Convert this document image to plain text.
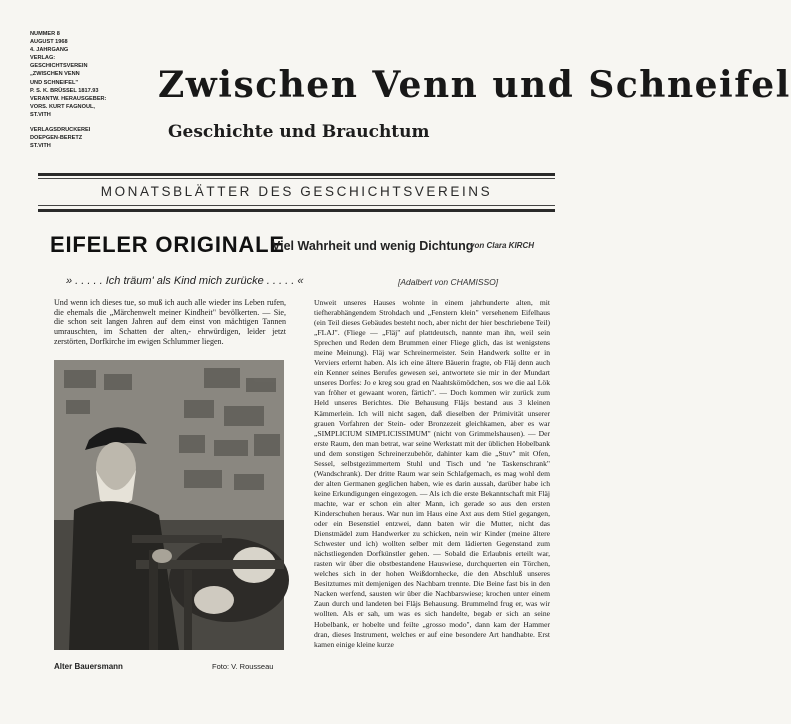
NUMMER 8
AUGUST 1968
4. JAHRGANG
VERLAG:
GESCHICHTSVEREIN
„ZWISCHEN VENN
UND SCHNEIFEL"
P. S. K. BRÜSSEL 1817.93
VERANTW. HERAUSGEBER:
VORS. KURT FAGNOUL,
ST.VITH
VERLAGSDRUCKEREI
DOEPGEN-BERETZ
ST.VITH
Zwischen Venn und Schneifel
Geschichte und Brauchtum
MONATSBLÄTTER DES GESCHICHTSVEREINS
EIFELER ORIGINALE
Viel Wahrheit und wenig Dichtung
von Clara KIRCH
» . . . . . Ich träum' als Kind mich zurücke . . . . . «	[Adalbert von CHAMISSO]
Und wenn ich dieses tue, so muß ich auch alle wieder ins Leben rufen, die ehemals die „Märchenwelt meiner Kindheit" bevölkerten. — Sie, die schon seit langen Jahren auf dem einst von mächtigen Tannen umrauschten, im Schatten der alten,- ehrwürdigen, leider jetzt zerstörten, Dorfkirche im ewigen Schlummer liegen.
Alter Bauersmann	Foto: V. Rousseau
Unweit unseres Hauses wohnte in einem jahrhunderte alten, mit tiefherabhängendem Strohdach und „Fenstern klein" versehenem Eifelhaus (ein Teil dieses Gebäudes besteht noch, aber nicht der hier beschriebene Teil) „FLAJ". (Fliege — „Fläj" auf plattdeutsch, nannte man ihn, weil sein Sprechen und Reden dem Brummen einer Fliege glich, das ist wenigstens meine Meinung). Fläj war Schreinermeister. Sein Handwerk sollte er in Verviers erlernt haben. Als ich eine ältere Bäuerin fragte, ob Fläj denn auch ein Kenner seines Berufes gewesen sei, antwortete sie mir in der Mundart unseres Dorfes: Jo e kreg sou grad en Naahtskömödchen, sos we die aal Lök van fröher et gewaant woren, färtich". — Doch kommen wir zurück zum Held unseres Berichtes. Die Behausung Fläjs bestand aus 3 kleinen Kämmerlein. Ich will nicht sagen, daß dieselben der Primivität unserer grauen Vorfahren der Stein- oder Bronzezeit gleichkamen, aber es war „SIMPLICIUM SIMPLICISSIMUM" (nicht von Grimmelshausen). — Der erste Raum, den man betrat, war seine Werkstatt mit der üblichen Hobelbank und dem sonstigen Schreinerzubehör, dahinter kam die „Stuv" mit Ofen, Sessel, selbstgezimmertem Stuhl und Tisch und 'ne Taskenschrank" (Wandschrank). Der dritte Raum war sein Schlafgemach, es mag wohl dem der alten Germanen geglichen haben, wie es darin aussah, darüber habe ich keine Erkundigungen eingezogen. — Als ich die erste Bekanntschaft mit Fläj machte, war er schon ein alter Mann, ich gerade so aus den ersten Kinderschuhen heraus. War nun im Haus eine Axt aus dem Stiel gegangen, oder ein Besenstiel entzwei, dann baten wir die Mutter, nicht das Dienstmädel zum Handwerker zu schicken, nein wir Kinder (meine ältere Schwester und ich) wollten selber mit dem lädierten Gegenstand zum nächstliegenden Dorfkünstler gehen. — Sobald die Erlaubnis erteilt war, rasten wir über die obstbestandene Hauswiese, durchquerten ein Törchen, welches sich in der hohen Weißdornhecke, die den Abschluß unseres Besitztumes mit demjenigen des Nachbarn trennte. Die Beine fast bis in den Nacken werfend, sausten wir über die Nachbarswiese; krochen unter einem Zaun durch und landeten bei Fläjs Behausung. Brummelnd frug er, was wir wollten. Als er sah, um was es sich handelte, begab er sich an seine Hobelbank, er hobelte und feilte „grosso modo", dann kam der Hammer dran, dieses Instrument, welches er auf eine besondere Art handhabte. Erst kamen einige kleine kurze
